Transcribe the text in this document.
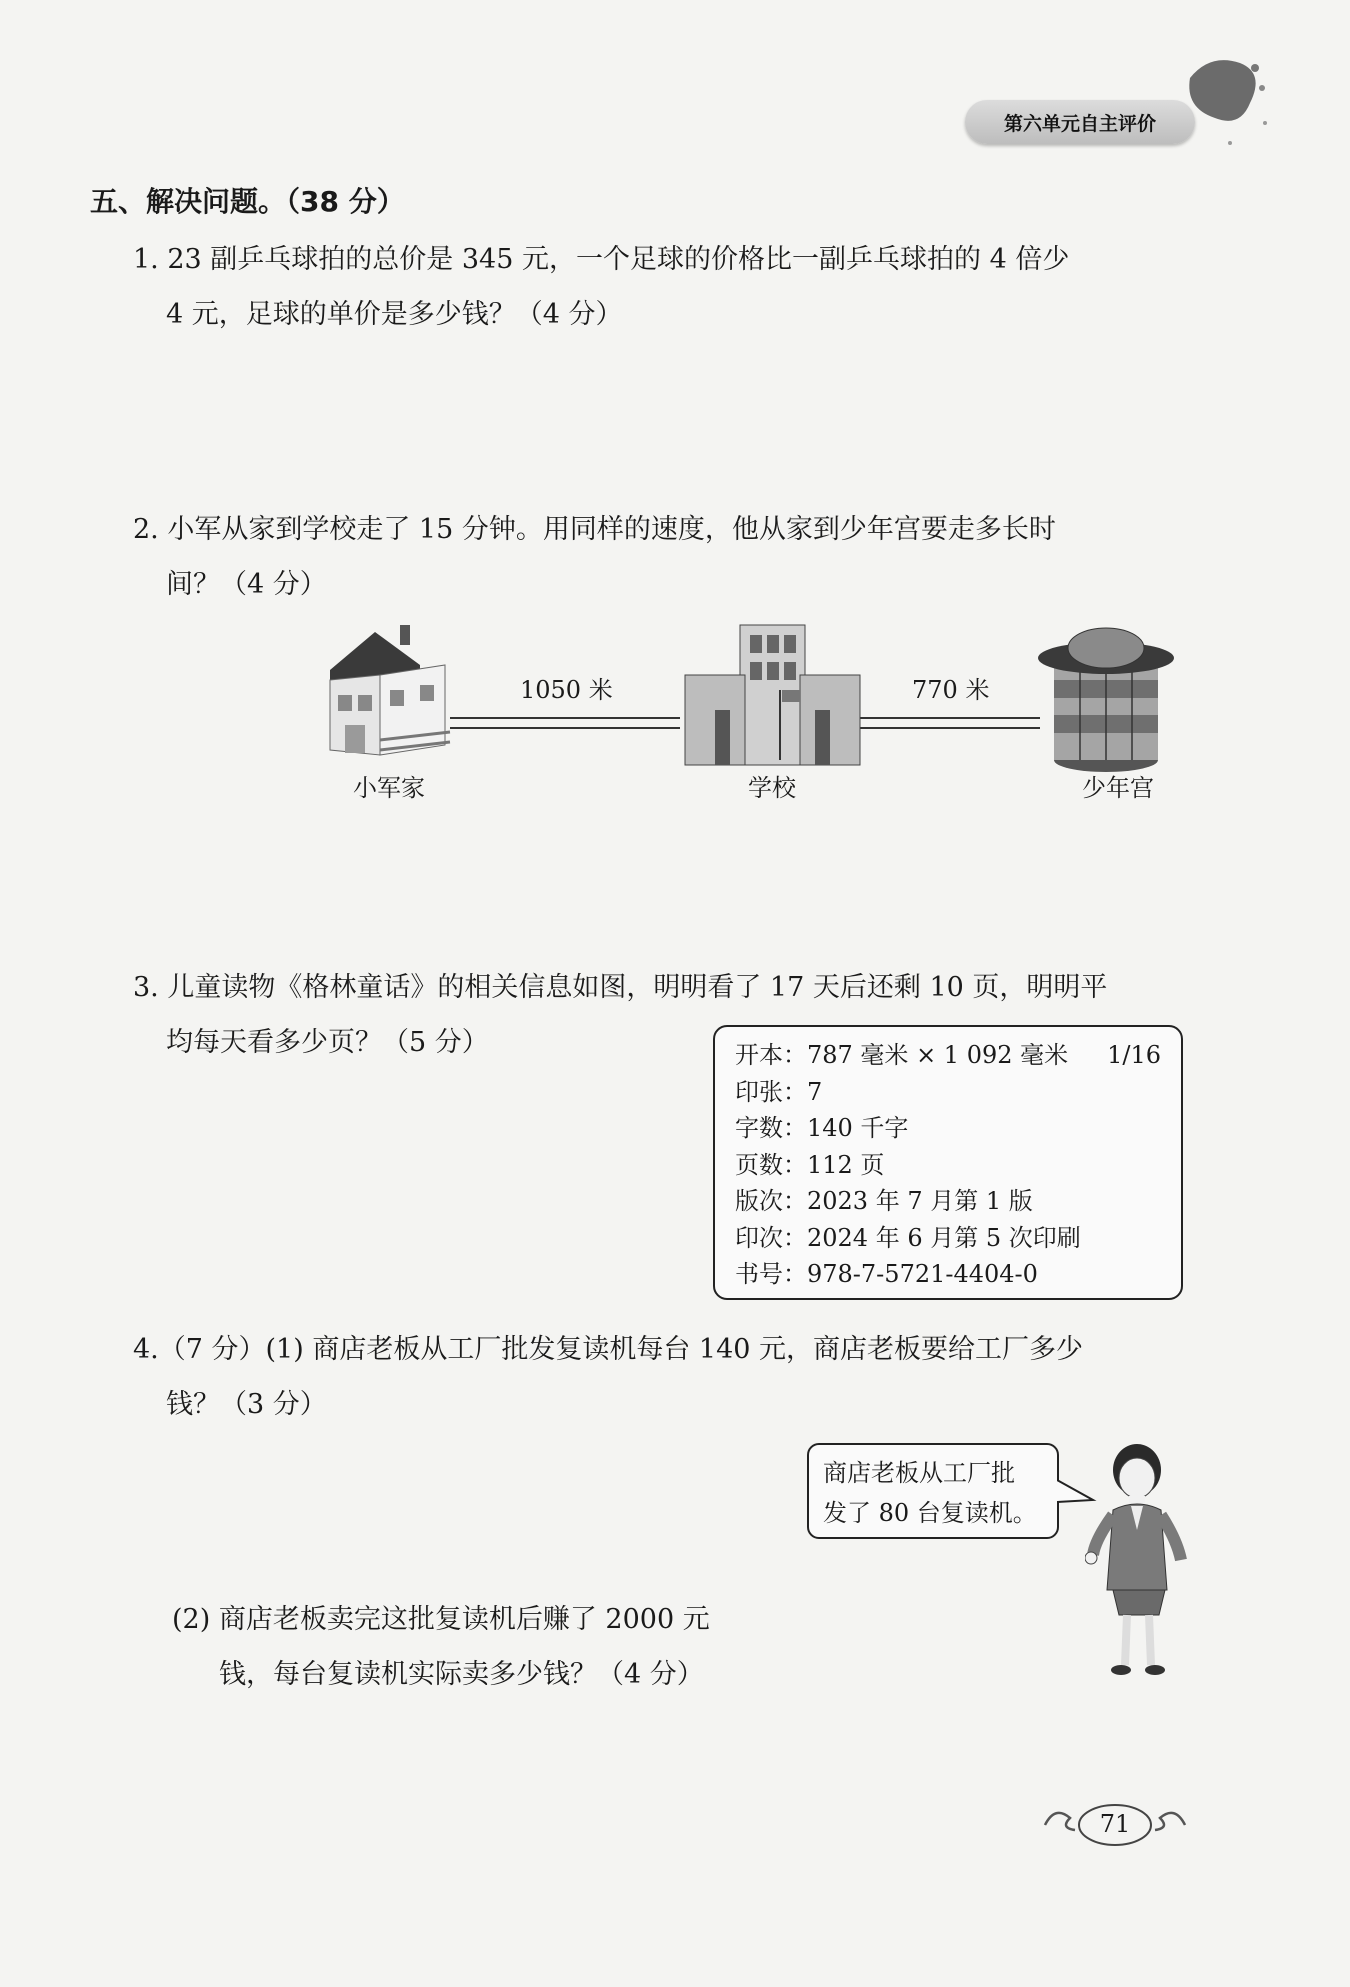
第六单元自主评价
五、解决问题。（38 分）
1. 23 副乒乓球拍的总价是 345 元，一个足球的价格比一副乒乓球拍的 4 倍少
4 元，足球的单价是多少钱？（4 分）
2. 小军从家到学校走了 15 分钟。用同样的速度，他从家到少年宫要走多长时
间？（4 分）
1050 米	770 米
小军家	学校	少年宫
3. 儿童读物《格林童话》的相关信息如图，明明看了 17 天后还剩 10 页，明明平
均每天看多少页？（5 分）	开本：787 毫米 × 1 092 毫米 1/16
印张：7
字数：140 千字
页数：112 页
版次：2023 年 7 月第 1 版
印次：2024 年 6 月第 5 次印刷
书号：978-7-5721-4404-0
4.（7 分）(1) 商店老板从工厂批发复读机每台 140 元，商店老板要给工厂多少
钱？（3 分）
商店老板从工厂批
发了 80 台复读机。
(2) 商店老板卖完这批复读机后赚了 2000 元
钱，每台复读机实际卖多少钱？（4 分）
71
